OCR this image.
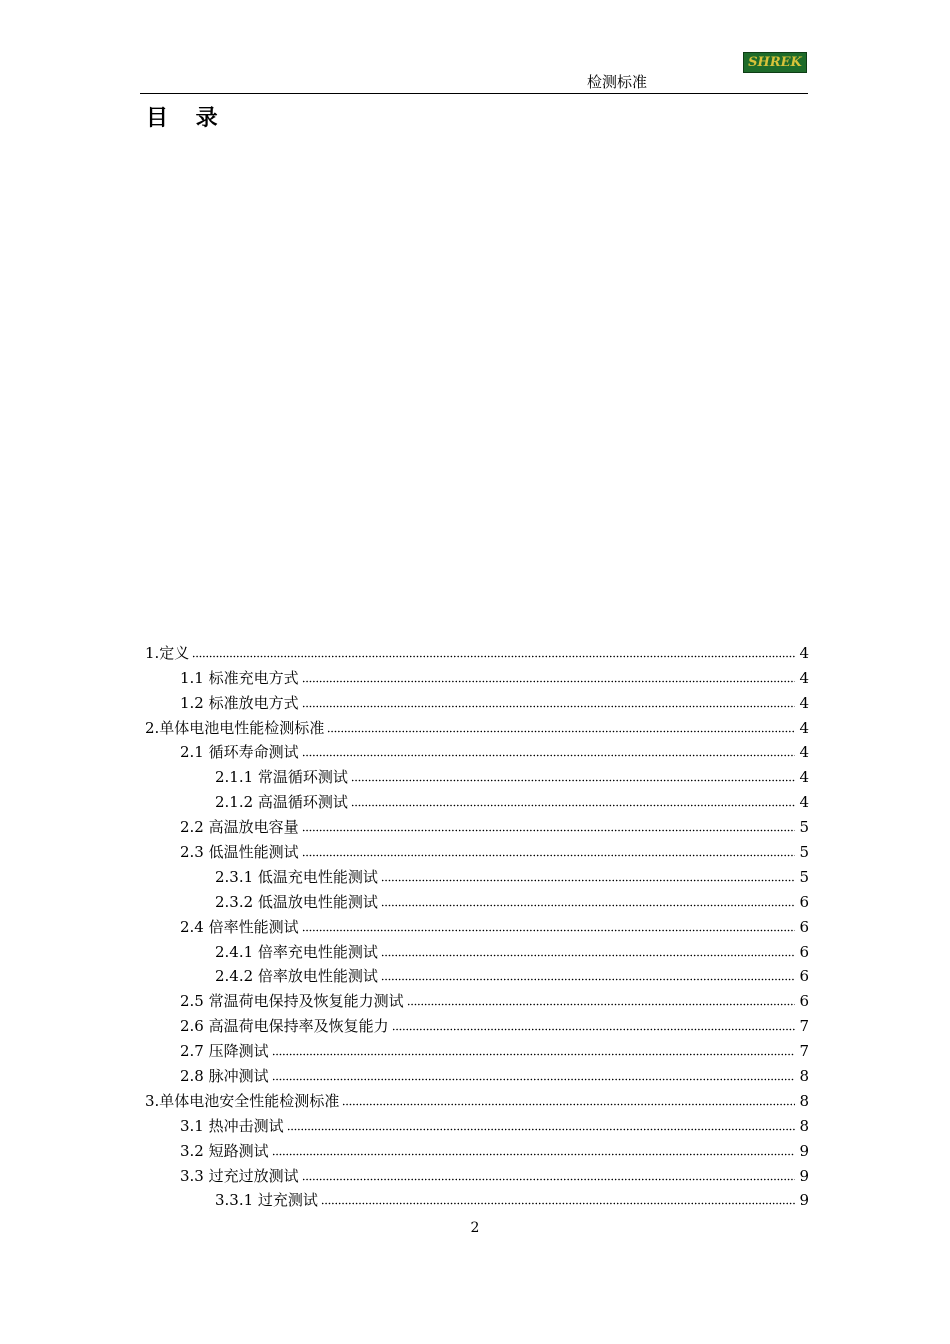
SHREK
检测标准
目 录
1.定义	4
1.1 标准充电方式	4
1.2 标准放电方式	4
2.单体电池电性能检测标准	4
2.1 循环寿命测试	4
2.1.1 常温循环测试	4
2.1.2 高温循环测试	4
2.2 高温放电容量	5
2.3 低温性能测试	5
2.3.1 低温充电性能测试	5
2.3.2 低温放电性能测试	6
2.4 倍率性能测试	6
2.4.1 倍率充电性能测试	6
2.4.2 倍率放电性能测试	6
2.5 常温荷电保持及恢复能力测试	6
2.6 高温荷电保持率及恢复能力	7
2.7 压降测试	7
2.8 脉冲测试	8
3.单体电池安全性能检测标准	8
3.1 热冲击测试	8
3.2 短路测试	9
3.3 过充过放测试	9
3.3.1 过充测试	9
2
